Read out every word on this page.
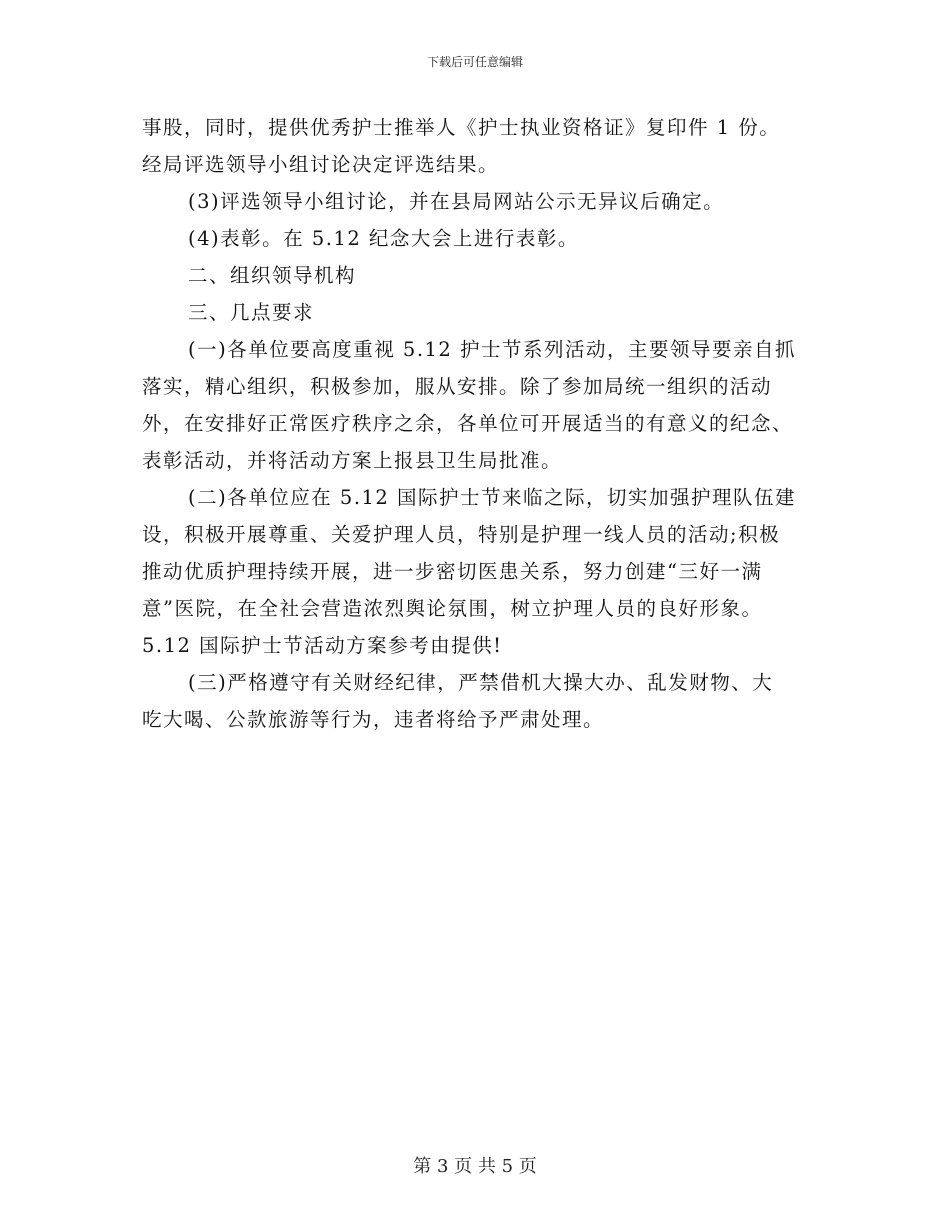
下载后可任意编辑
事股，同时，提供优秀护士推举人《护士执业资格证》复印件 1 份。
经局评选领导小组讨论决定评选结果。
(3)评选领导小组讨论，并在县局网站公示无异议后确定。
(4)表彰。在 5.12 纪念大会上进行表彰。
二、组织领导机构
三、几点要求
(一)各单位要高度重视 5.12 护士节系列活动，主要领导要亲自抓
落实，精心组织，积极参加，服从安排。除了参加局统一组织的活动
外，在安排好正常医疗秩序之余，各单位可开展适当的有意义的纪念、
表彰活动，并将活动方案上报县卫生局批准。
(二)各单位应在 5.12 国际护士节来临之际，切实加强护理队伍建
设，积极开展尊重、关爱护理人员，特别是护理一线人员的活动;积极
推动优质护理持续开展，进一步密切医患关系，努力创建“三好一满
意”医院，在全社会营造浓烈舆论氛围，树立护理人员的良好形象。
5.12 国际护士节活动方案参考由提供!
(三)严格遵守有关财经纪律，严禁借机大操大办、乱发财物、大
吃大喝、公款旅游等行为，违者将给予严肃处理。
第 3 页 共 5 页
